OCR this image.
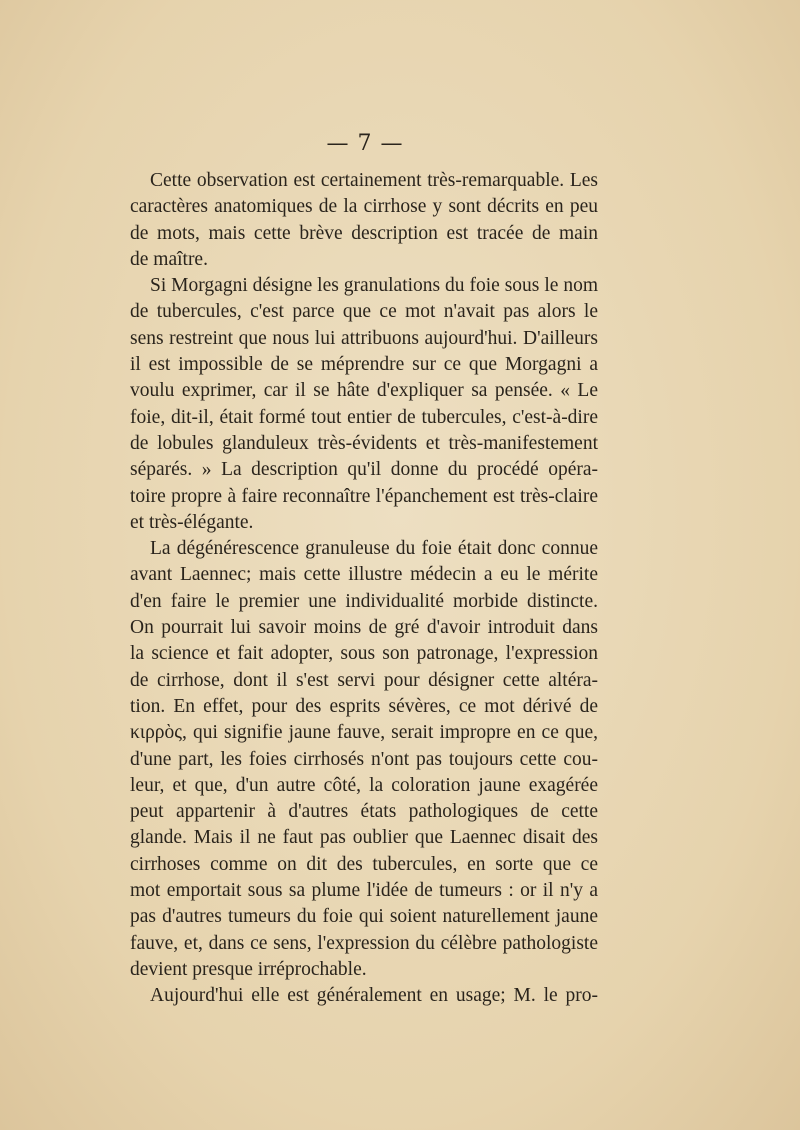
— 7 —
Cette observation est certainement très-remarquable. Les
caractères anatomiques de la cirrhose y sont décrits en peu
de mots, mais cette brève description est tracée de main
de maître.
Si Morgagni désigne les granulations du foie sous le nom
de tubercules, c'est parce que ce mot n'avait pas alors le
sens restreint que nous lui attribuons aujourd'hui. D'ailleurs
il est impossible de se méprendre sur ce que Morgagni a
voulu exprimer, car il se hâte d'expliquer sa pensée. « Le
foie, dit-il, était formé tout entier de tubercules, c'est-à-dire
de lobules glanduleux très-évidents et très-manifestement
séparés. » La description qu'il donne du procédé opéra-
toire propre à faire reconnaître l'épanchement est très-claire
et très-élégante.
La dégénérescence granuleuse du foie était donc connue
avant Laennec; mais cette illustre médecin a eu le mérite
d'en faire le premier une individualité morbide distincte.
On pourrait lui savoir moins de gré d'avoir introduit dans
la science et fait adopter, sous son patronage, l'expression
de cirrhose, dont il s'est servi pour désigner cette altéra-
tion. En effet, pour des esprits sévères, ce mot dérivé de
κιρρὸς, qui signifie jaune fauve, serait impropre en ce que,
d'une part, les foies cirrhosés n'ont pas toujours cette cou-
leur, et que, d'un autre côté, la coloration jaune exagérée
peut appartenir à d'autres états pathologiques de cette
glande. Mais il ne faut pas oublier que Laennec disait des
cirrhoses comme on dit des tubercules, en sorte que ce
mot emportait sous sa plume l'idée de tumeurs : or il n'y a
pas d'autres tumeurs du foie qui soient naturellement jaune
fauve, et, dans ce sens, l'expression du célèbre pathologiste
devient presque irréprochable.
Aujourd'hui elle est généralement en usage; M. le pro-
